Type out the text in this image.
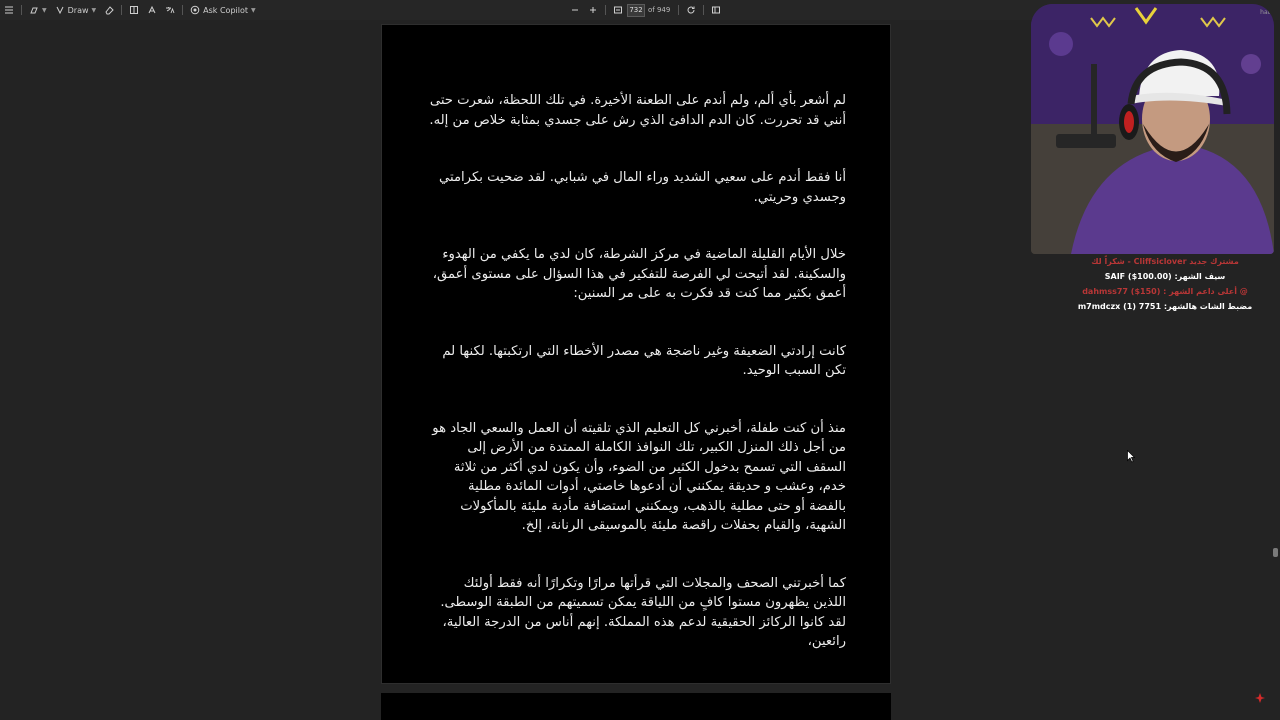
▼	Draw ▼	Ask Copilot ▼
732	of 949

لم أشعر بأي ألم، ولم أندم على الطعنة الأخيرة. في تلك اللحظة، شعرت حتى أنني قد تحررت. كان الدم الدافئ الذي رش على جسدي بمثابة خلاص من إله.

أنا فقط أندم على سعيي الشديد وراء المال في شبابي. لقد ضحيت بكرامتي وجسدي وحريتي.

خلال الأيام القليلة الماضية في مركز الشرطة، كان لدي ما يكفي من الهدوء والسكينة. لقد أتيحت لي الفرصة للتفكير في هذا السؤال على مستوى أعمق، أعمق بكثير مما كنت قد فكرت به على مر السنين:

كانت إرادتي الضعيفة وغير ناضجة هي مصدر الأخطاء التي ارتكبتها. لكنها لم تكن السبب الوحيد.

منذ أن كنت طفلة، أخبرني كل التعليم الذي تلقيته أن العمل والسعي الجاد هو من أجل ذلك المنزل الكبير، تلك النوافذ الكاملة الممتدة من الأرض إلى السقف التي تسمح بدخول الكثير من الضوء، وأن يكون لدي أكثر من ثلاثة خدم، وعشب و حديقة يمكنني أن أدعوها خاصتي، أدوات المائدة مطلية بالفضة أو حتى مطلية بالذهب، ويمكنني استضافة مأدبة مليئة بالمأكولات الشهية، والقيام بحفلات راقصة مليئة بالموسيقى الرنانة، إلخ.

كما أخبرتني الصحف والمجلات التي قرأتها مرارًا وتكرارًا أنه فقط أولئك اللذين يظهرون مستوا كافٍ من اللياقة يمكن تسميتهم من الطبقة الوسطى. لقد كانوا الركائز الحقيقية لدعم هذه المملكة. إنهم أناس من الدرجة العالية، رائعين،

hat
مشترك جديد Cliffsiclover - شكراً لك
سيف الشهر: SAIF ($100.00)
@ أعلى داعم الشهر : dahmss77 ($150)
مضبط الشات هالشهر: m7mdczx (1) 7751
